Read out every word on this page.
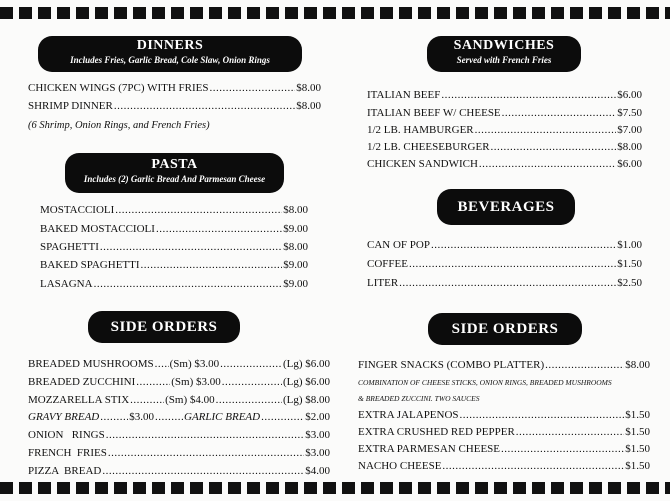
DINNERS
Includes Fries, Garlic Bread, Cole Slaw, Onion Rings
CHICKEN WINGS (7PC) WITH FRIES .....	$8.00
SHRIMP DINNER .....	$8.00
(6 Shrimp, Onion Rings, and French Fries)
PASTA
Includes (2) Garlic Bread And Parmesan Cheese
MOSTACCIOLI .....	$8.00
BAKED MOSTACCIOLI .....	$9.00
SPAGHETTI .....	$8.00
BAKED SPAGHETTI .....	$9.00
LASAGNA .....	$9.00
SIDE ORDERS
BREADED MUSHROOMS ..... (Sm) $3.00 .....	(Lg) $6.00
BREADED ZUCCHINI .....	(Sm) $3.00 .....	(Lg) $6.00
MOZZARELLA STIX .....	(Sm) $4.00 .....	(Lg) $8.00
GRAVY BREAD .....	$3.00 .....	GARLIC BREAD .....	$2.00
ONION   RINGS .....	$3.00
FRENCH  FRIES .....	$3.00
PIZZA  BREAD .....	$4.00
SANDWICHES
Served with French Fries
ITALIAN BEEF .....	$6.00
ITALIAN BEEF W/ CHEESE .....	$7.50
1/2 LB. HAMBURGER .....	$7.00
1/2 LB. CHEESEBURGER .....	$8.00
CHICKEN SANDWICH .....	$6.00
BEVERAGES
CAN OF POP .....	$1.00
COFFEE .....	$1.50
LITER .....	$2.50
SIDE ORDERS
FINGER SNACKS (COMBO PLATTER) .....	$8.00
COMBINATION OF CHEESE STICKS, ONION RINGS, BREADED MUSHROOMS
& BREADED ZUCCINI. TWO SAUCES
EXTRA JALAPENOS .....	$1.50
EXTRA CRUSHED RED PEPPER .....	$1.50
EXTRA PARMESAN CHEESE .....	$1.50
NACHO CHEESE .....	$1.50
